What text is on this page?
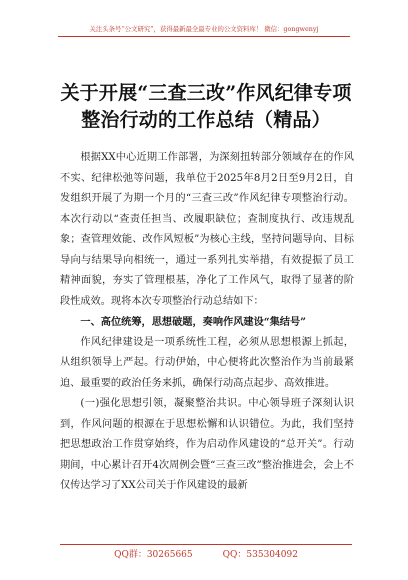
关注头条号“公文研究”，获得最新最全最专业的公文资料库！ 微信：gongwenyj
关于开展“三查三改”作风纪律专项整治行动的工作总结（精品）

根据XX中心近期工作部署，为深刻扭转部分领域存在的作风不实、纪律松弛等问题，我单位于2025年8月2日至9月2日，自发组织开展了为期一个月的“三查三改”作风纪律专项整治行动。本次行动以“查责任担当、改履职缺位；查制度执行、改违规乱象；查管理效能、改作风短板”为核心主线，坚持问题导向、目标导向与结果导向相统一，通过一系列扎实举措，有效提振了员工精神面貌，夯实了管理根基，净化了工作风气，取得了显著的阶段性成效。现将本次专项整治行动总结如下：

一、高位统筹，思想破题，奏响作风建设“集结号”

作风纪律建设是一项系统性工程，必须从思想根源上抓起，从组织领导上严起。行动伊始，中心便将此次整治作为当前最紧迫、最重要的政治任务来抓，确保行动高点起步、高效推进。

(一)强化思想引领，凝聚整治共识。中心领导班子深刻认识到，作风问题的根源在于思想松懈和认识错位。为此，我们坚持把思想政治工作贯穿始终，作为启动作风建设的“总开关”。行动期间，中心累计召开4次周例会暨“三查三改”整治推进会，会上不仅传达学习了XX公司关于作风建设的最新

QQ群：30265665	QQ：535304092
